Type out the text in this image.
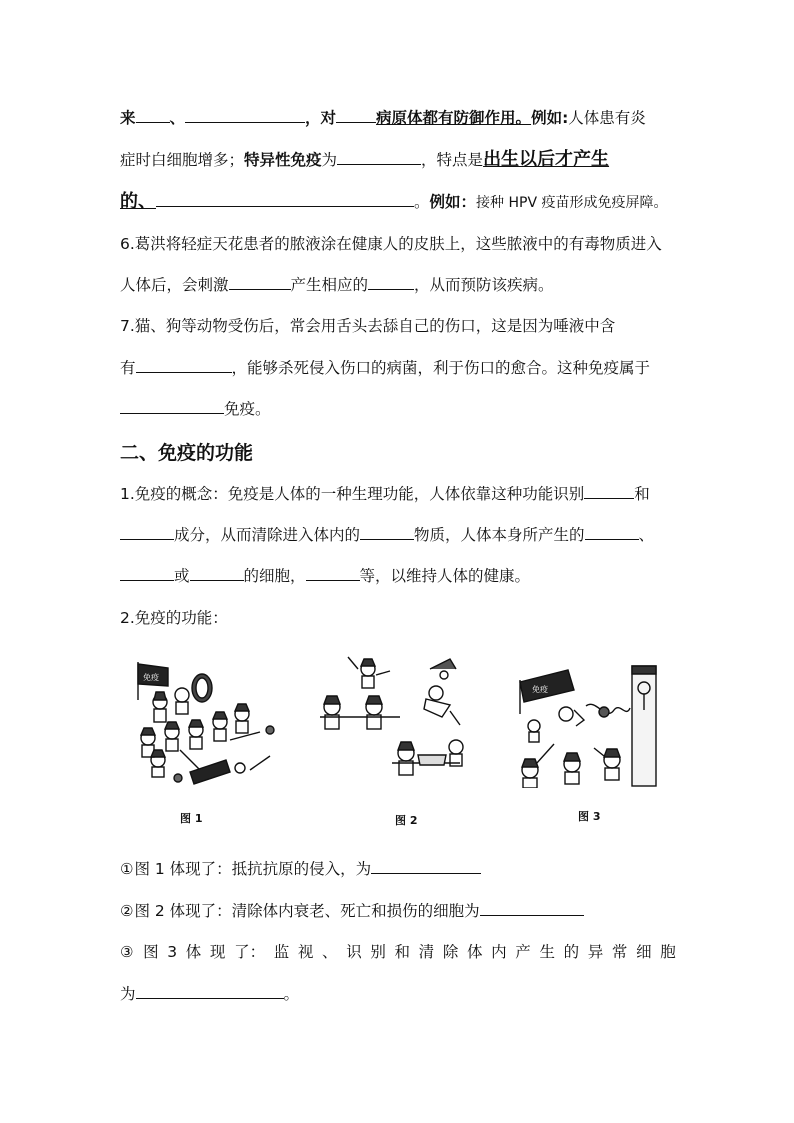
来 、	，对	病原体都有防御作用。例如:人体患有炎
症时白细胞增多；特异性免疫为	，特点是出生以后才产生
的、	。例如：接种 HPV 疫苗形成免疫屏障。
6.葛洪将轻症天花患者的脓液涂在健康人的皮肤上，这些脓液中的有毒物质进入
人体后，会刺激	产生相应的	，从而预防该疾病。
7.猫、狗等动物受伤后，常会用舌头去舔自己的伤口，这是因为唾液中含
有	，能够杀死侵入伤口的病菌，利于伤口的愈合。这种免疫属于
免疫。
二、免疫的功能
1.免疫的概念：免疫是人体的一种生理功能，人体依靠这种功能识别	和
成分，从而清除进入体内的	物质，人体本身所产生的	、
或	的细胞，	等，以维持人体的健康。
2.免疫的功能：
免疫
图 1	图 2
免疫
图 3
①图 1 体现了：抵抗抗原的侵入，为
②图 2 体现了：清除体内衰老、死亡和损伤的细胞为
③ 图 3 体 现 了： 监 视 、 识 别 和 清 除 体 内 产 生 的 异 常 细 胞
为	。
